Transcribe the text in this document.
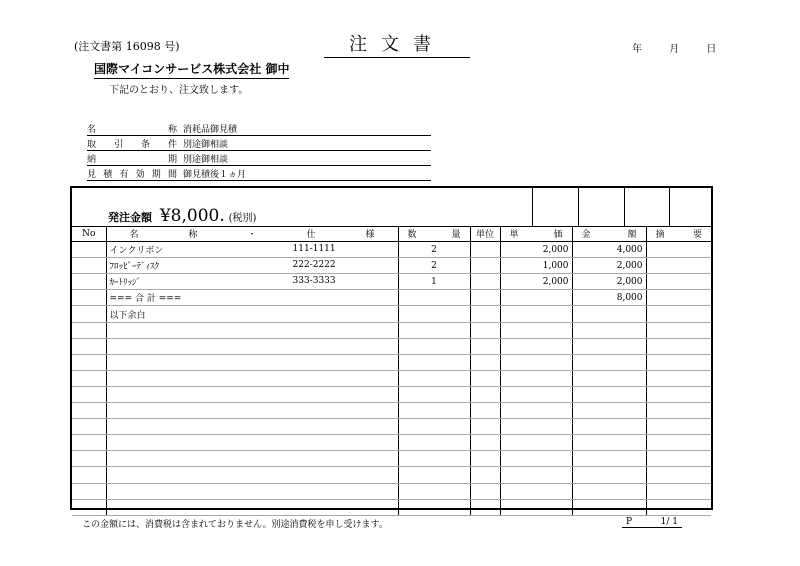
(注文書第 16098 号)	注文書	年	月	日
国際マイコンサービス株式会社 御中
下記のとおり、注文致します。
名	称 消耗品御見積
取 引 条 件 別途御相談
納	期 別途御相談
見 積 有 効 期 間 御見積後１ヵ月
発注金額 ¥8,000. (税別)
No	名 称 ・ 仕 様	数 量	単位	単 価	金 額	摘 要

	インクリボン 111-1111	2		2,000	4,000	
	ﾌﾛｯﾋﾟｰﾃﾞｨｽｸ 222-2222	2		1,000	2,000	
	ｶｰﾄﾘｯｼﾞ 333-3333	1		2,000	2,000	
	=== 合 計 ===				8,000	
	以下余白

この金額には、消費税は含まれておりません。別途消費税を申し受けます。	P	1/ 1
